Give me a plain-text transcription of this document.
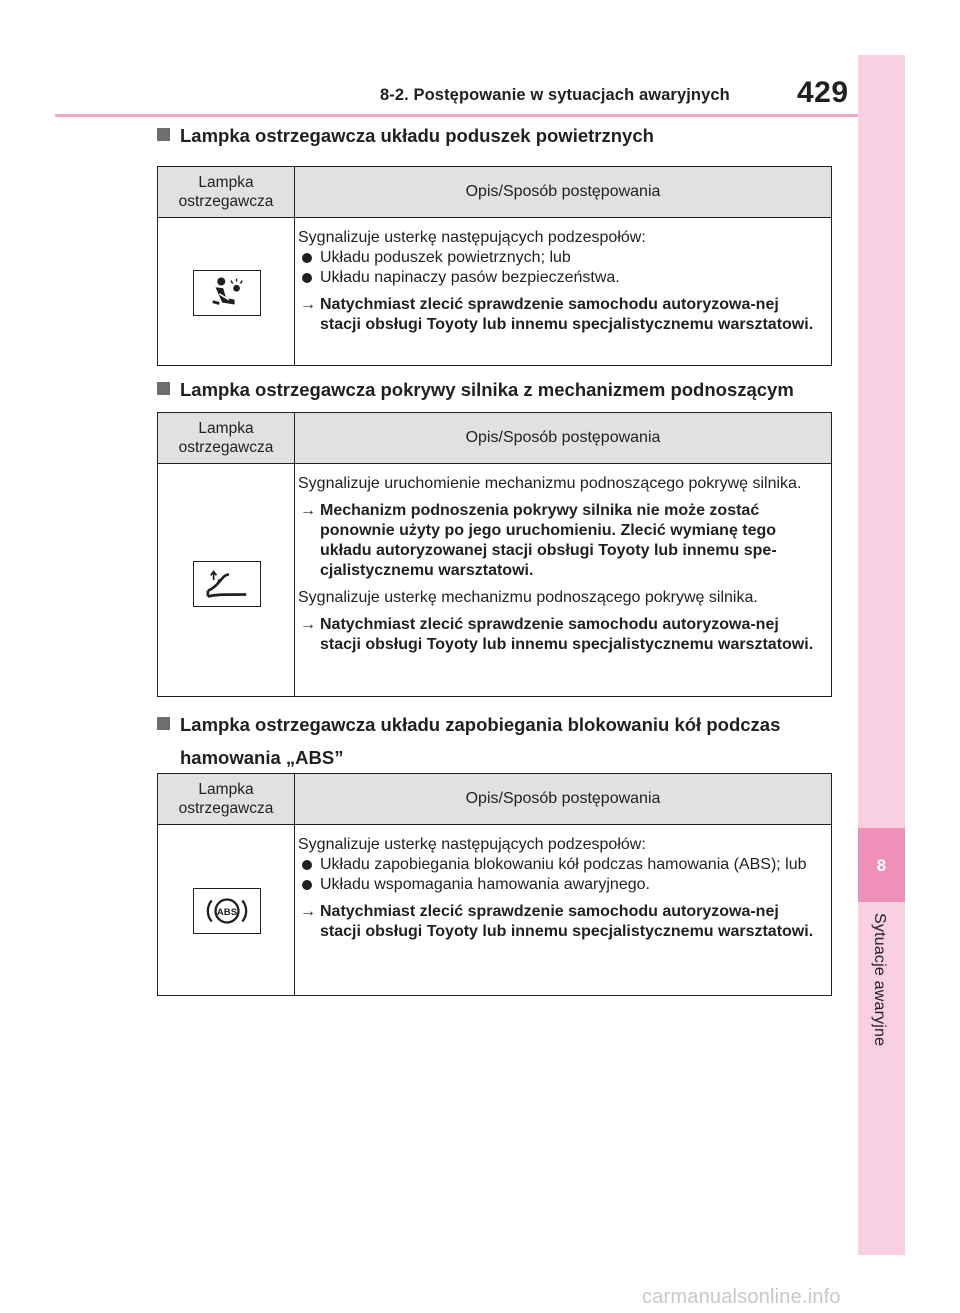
8-2. Postępowanie w sytuacjach awaryjnych 429
8
Sytuacje awaryjne
Lampka ostrzegawcza układu poduszek powietrznych
Lampka ostrzegawcza
Opis/Sposób postępowania

Sygnalizuje usterkę następujących podzespołów:

Układu poduszek powietrznych; lub

Układu napinaczy pasów bezpieczeństwa.

→ Natychmiast zlecić sprawdzenie samochodu autoryzowa-nej stacji obsługi Toyoty lub innemu specjalistycznemu warsztatowi.

Lampka ostrzegawcza pokrywy silnika z mechanizmem podnoszącym
Lampka ostrzegawcza
Opis/Sposób postępowania

Sygnalizuje uruchomienie mechanizmu podnoszącego pokrywę silnika.

→ Mechanizm podnoszenia pokrywy silnika nie może zostać ponownie użyty po jego uruchomieniu. Zlecić wymianę tego układu autoryzowanej stacji obsługi Toyoty lub innemu spe-cjalistycznemu warsztatowi.

Sygnalizuje usterkę mechanizmu podnoszącego pokrywę silnika.

→ Natychmiast zlecić sprawdzenie samochodu autoryzowa-nej stacji obsługi Toyoty lub innemu specjalistycznemu warsztatowi.

Lampka ostrzegawcza układu zapobiegania blokowaniu kół podczas
hamowania „ABS”
Lampka ostrzegawcza
Opis/Sposób postępowania
ABS

Sygnalizuje usterkę następujących podzespołów:

Układu zapobiegania blokowaniu kół podczas hamowania (ABS); lub

Układu wspomagania hamowania awaryjnego.

→ Natychmiast zlecić sprawdzenie samochodu autoryzowa-nej stacji obsługi Toyoty lub innemu specjalistycznemu warsztatowi.

carmanualsonline.info
